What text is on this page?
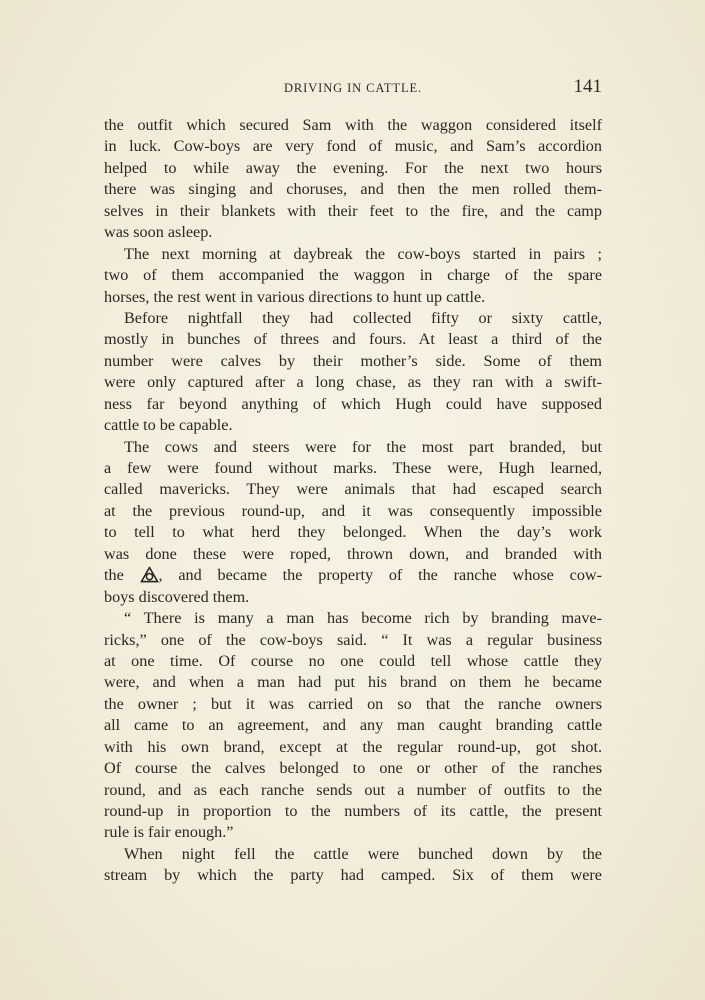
DRIVING IN CATTLE.	141
the outfit which secured Sam with the waggon considered itself
in luck. Cow-boys are very fond of music, and Sam’s accordion
helped to while away the evening. For the next two hours
there was singing and choruses, and then the men rolled them-
selves in their blankets with their feet to the fire, and the camp
was soon asleep.
The next morning at daybreak the cow-boys started in pairs ;
two of them accompanied the waggon in charge of the spare
horses, the rest went in various directions to hunt up cattle.
Before nightfall they had collected fifty or sixty cattle,
mostly in bunches of threes and fours. At least a third of the
number were calves by their mother’s side. Some of them
were only captured after a long chase, as they ran with a swift-
ness far beyond anything of which Hugh could have supposed
cattle to be capable.
The cows and steers were for the most part branded, but
a few were found without marks. These were, Hugh learned,
called mavericks. They were animals that had escaped search
at the previous round-up, and it was consequently impossible
to tell to what herd they belonged. When the day’s work
was done these were roped, thrown down, and branded with
the
, and became the property of the ranche whose cow-
boys discovered them.
“ There is many a man has become rich by branding mave-
ricks,” one of the cow-boys said. “ It was a regular business
at one time. Of course no one could tell whose cattle they
were, and when a man had put his brand on them he became
the owner ; but it was carried on so that the ranche owners
all came to an agreement, and any man caught branding cattle
with his own brand, except at the regular round-up, got shot.
Of course the calves belonged to one or other of the ranches
round, and as each ranche sends out a number of outfits to the
round-up in proportion to the numbers of its cattle, the present
rule is fair enough.”
When night fell the cattle were bunched down by the
stream by which the party had camped. Six of them were
